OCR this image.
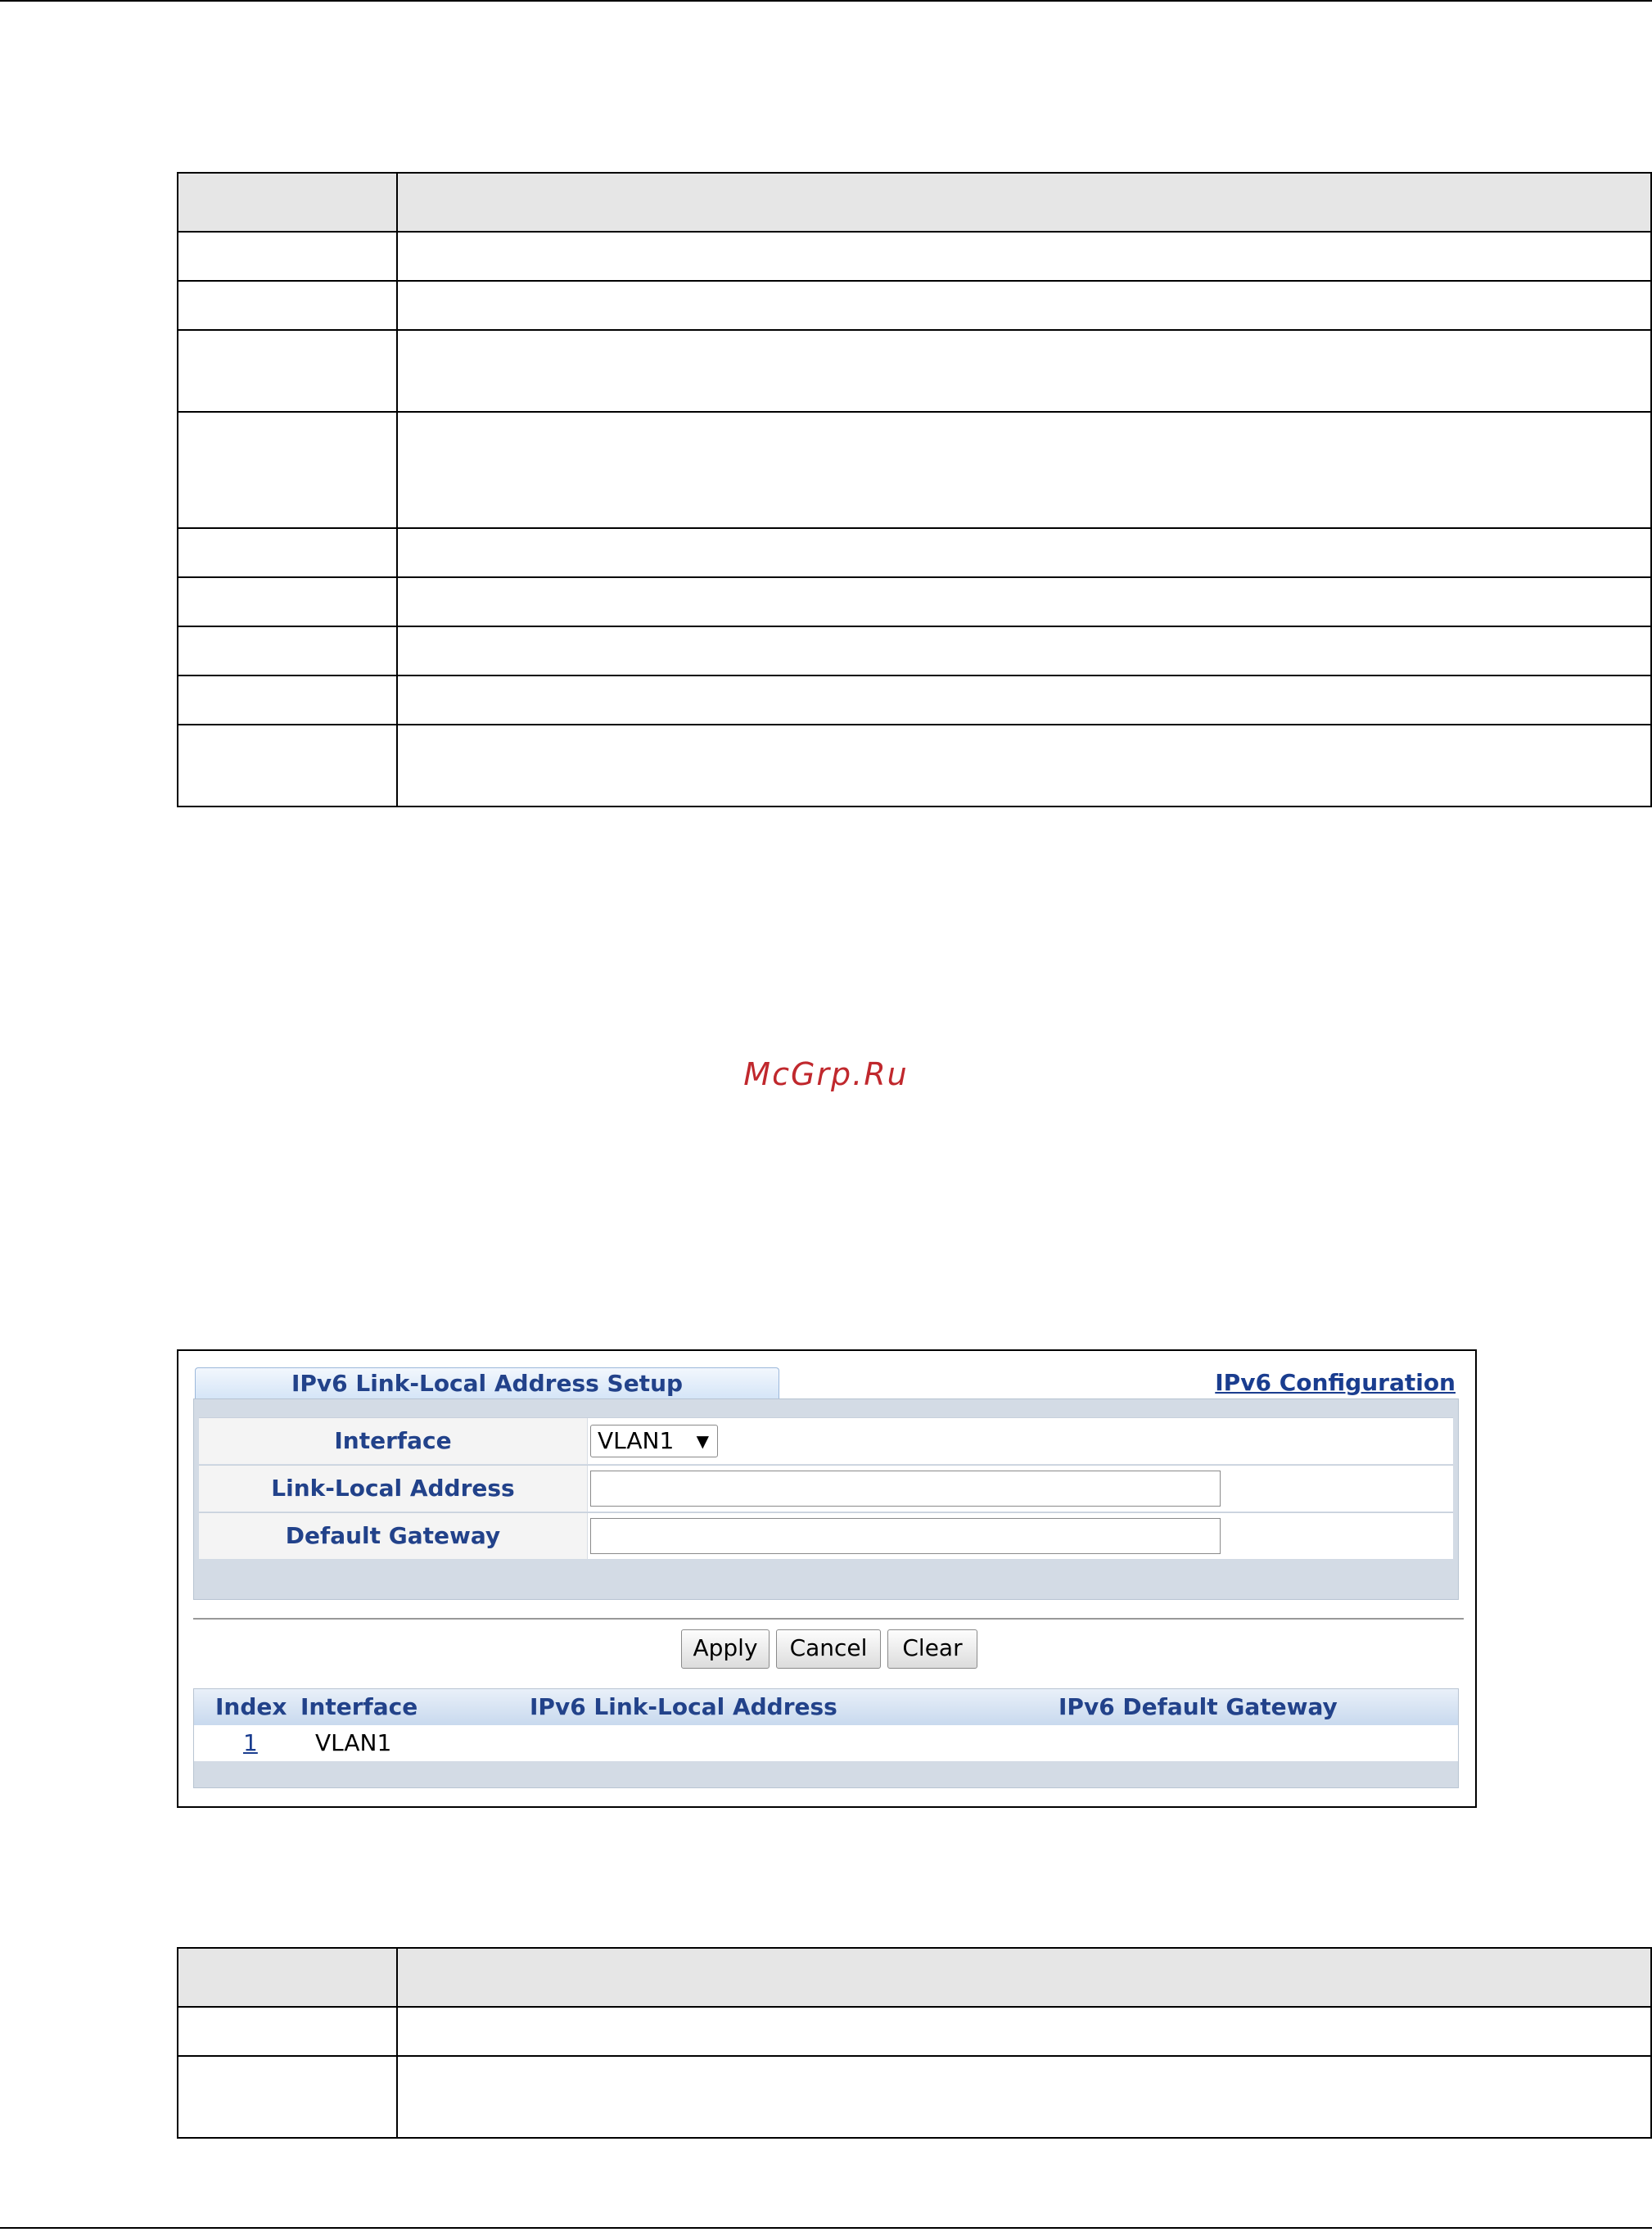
McGrp.Ru
IPv6 Link-Local Address Setup	IPv6 Configuration
Interface	VLAN1 ▼
Link-Local Address
Default Gateway
Apply	Cancel	Clear
Index Interface	IPv6 Link-Local Address	IPv6 Default Gateway
1	VLAN1
